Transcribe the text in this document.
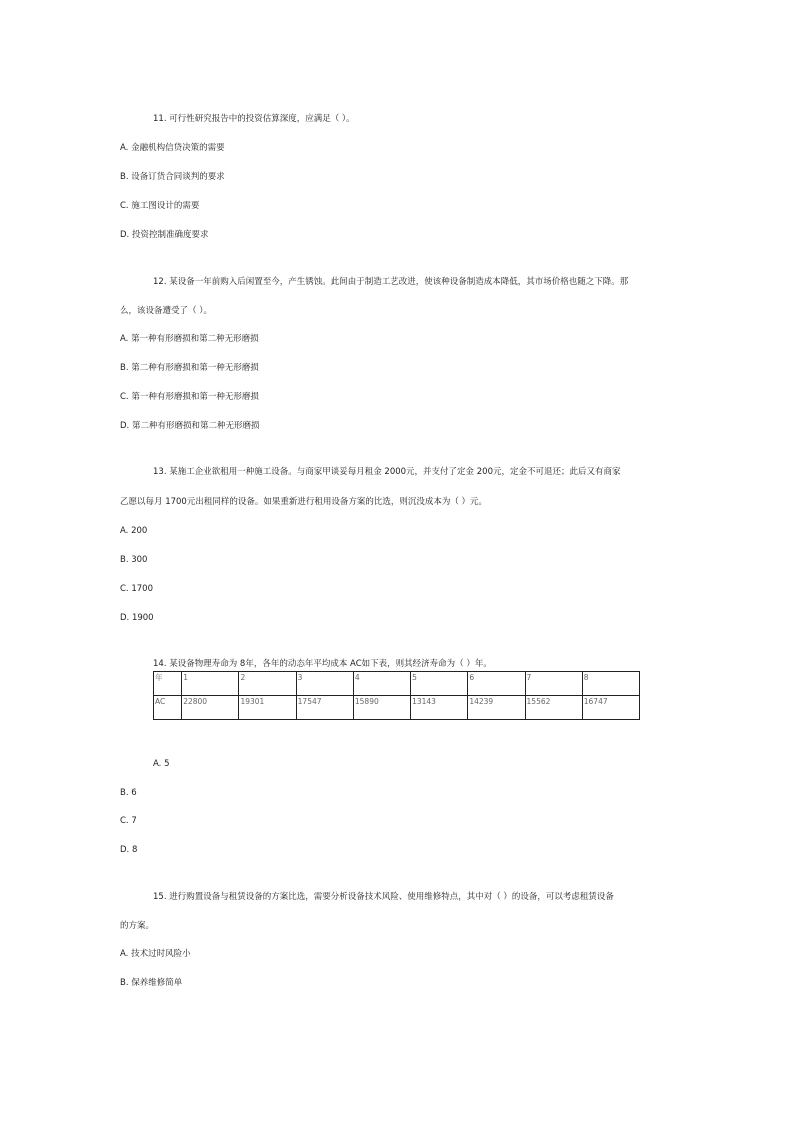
11. 可行性研究报告中的投资估算深度，应满足（ ）。
A. 金融机构信贷决策的需要
B. 设备订货合同谈判的要求
C. 施工图设计的需要
D. 投资控制准确度要求
12. 某设备一年前购入后闲置至今，产生锈蚀。此间由于制造工艺改进，使该种设备制造成本降低，其市场价格也随之下降。那
么，该设备遭受了（ ）。
A. 第一种有形磨损和第二种无形磨损
B. 第二种有形磨损和第一种无形磨损
C. 第一种有形磨损和第一种无形磨损
D. 第二种有形磨损和第二种无形磨损
13. 某施工企业欲租用一种施工设备。与商家甲谈妥每月租金 2000元，并支付了定金 200元，定金不可退还；此后又有商家
乙愿以每月 1700元出租同样的设备。如果重新进行租用设备方案的比选，则沉没成本为（ ）元。
A. 200
B. 300
C. 1700
D. 1900
14. 某设备物理寿命为 8年，各年的动态年平均成本 AC如下表，则其经济寿命为（ ）年。
年	1	2	3	4	5	6	7	8
AC	22800	19301	17547	15890	13143	14239	15562	16747
A. 5
B. 6
C. 7
D. 8
15. 进行购置设备与租赁设备的方案比选，需要分析设备技术风险、使用维修特点，其中对（ ）的设备，可以考虑租赁设备
的方案。
A. 技术过时风险小
B. 保养维修简单
